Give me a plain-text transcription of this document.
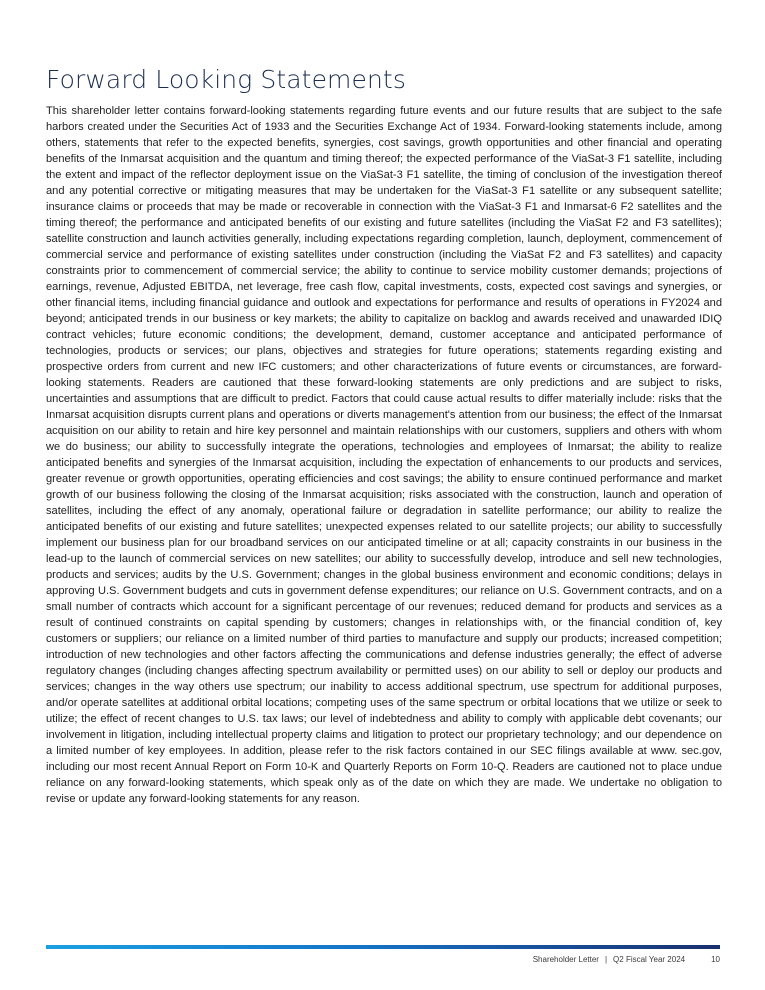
Forward Looking Statements

This shareholder letter contains forward-looking statements regarding future events and our future results that are subject to the safe harbors created under the Securities Act of 1933 and the Securities Exchange Act of 1934. Forward-looking statements include, among others, statements that refer to the expected benefits, synergies, cost savings, growth opportunities and other financial and operating benefits of the Inmarsat acquisition and the quantum and timing thereof; the expected performance of the ViaSat-3 F1 satellite, including the extent and impact of the reflector deployment issue on the ViaSat-3 F1 satellite, the timing of conclusion of the investigation thereof and any potential corrective or mitigating measures that may be undertaken for the ViaSat-3 F1 satellite or any subsequent satellite; insurance claims or proceeds that may be made or recoverable in connection with the ViaSat-3 F1 and Inmarsat-6 F2 satellites and the timing thereof; the performance and anticipated benefits of our existing and future satellites (including the ViaSat F2 and F3 satellites); satellite construction and launch activities generally, including expectations regarding completion, launch, deployment, commencement of commercial service and performance of existing satellites under construction (including the ViaSat F2 and F3 satellites) and capacity constraints prior to commencement of commercial service; the ability to continue to service mobility customer demands; projections of earnings, revenue, Adjusted EBITDA, net leverage, free cash flow, capital investments, costs, expected cost savings and synergies, or other financial items, including financial guidance and outlook and expectations for performance and results of operations in FY2024 and beyond; anticipated trends in our business or key markets; the ability to capitalize on backlog and awards received and unawarded IDIQ contract vehicles; future economic conditions; the development, demand, customer acceptance and anticipated performance of technologies, products or services; our plans, objectives and strategies for future operations; statements regarding existing and prospective orders from current and new IFC customers; and other characterizations of future events or circumstances, are forward-looking statements. Readers are cautioned that these forward-looking statements are only predictions and are subject to risks, uncertainties and assumptions that are difficult to predict. Factors that could cause actual results to differ materially include: risks that the Inmarsat acquisition disrupts current plans and operations or diverts management's attention from our business; the effect of the Inmarsat acquisition on our ability to retain and hire key personnel and maintain relationships with our customers, suppliers and others with whom we do business; our ability to successfully integrate the operations, technologies and employees of Inmarsat; the ability to realize anticipated benefits and synergies of the Inmarsat acquisition, including the expectation of enhancements to our products and services, greater revenue or growth opportunities, operating efficiencies and cost savings; the ability to ensure continued performance and market growth of our business following the closing of the Inmarsat acquisition; risks associated with the construction, launch and operation of satellites, including the effect of any anomaly, operational failure or degradation in satellite performance; our ability to realize the anticipated benefits of our existing and future satellites; unexpected expenses related to our satellite projects; our ability to successfully implement our business plan for our broadband services on our anticipated timeline or at all; capacity constraints in our business in the lead-up to the launch of commercial services on new satellites; our ability to successfully develop, introduce and sell new technologies, products and services; audits by the U.S. Government; changes in the global business environment and economic conditions; delays in approving U.S. Government budgets and cuts in government defense expenditures; our reliance on U.S. Government contracts, and on a small number of contracts which account for a significant percentage of our revenues; reduced demand for products and services as a result of continued constraints on capital spending by customers; changes in relationships with, or the financial condition of, key customers or suppliers; our reliance on a limited number of third parties to manufacture and supply our products; increased competition; introduction of new technologies and other factors affecting the communications and defense industries generally; the effect of adverse regulatory changes (including changes affecting spectrum availability or permitted uses) on our ability to sell or deploy our products and services; changes in the way others use spectrum; our inability to access additional spectrum, use spectrum for additional purposes, and/or operate satellites at additional orbital locations; competing uses of the same spectrum or orbital locations that we utilize or seek to utilize; the effect of recent changes to U.S. tax laws; our level of indebtedness and ability to comply with applicable debt covenants; our involvement in litigation, including intellectual property claims and litigation to protect our proprietary technology; and our dependence on a limited number of key employees. In addition, please refer to the risk factors contained in our SEC filings available at www. sec.gov, including our most recent Annual Report on Form 10-K and Quarterly Reports on Form 10-Q. Readers are cautioned not to place undue reliance on any forward-looking statements, which speak only as of the date on which they are made. We undertake no obligation to revise or update any forward-looking statements for any reason.

Shareholder Letter | Q2 Fiscal Year 2024	10
